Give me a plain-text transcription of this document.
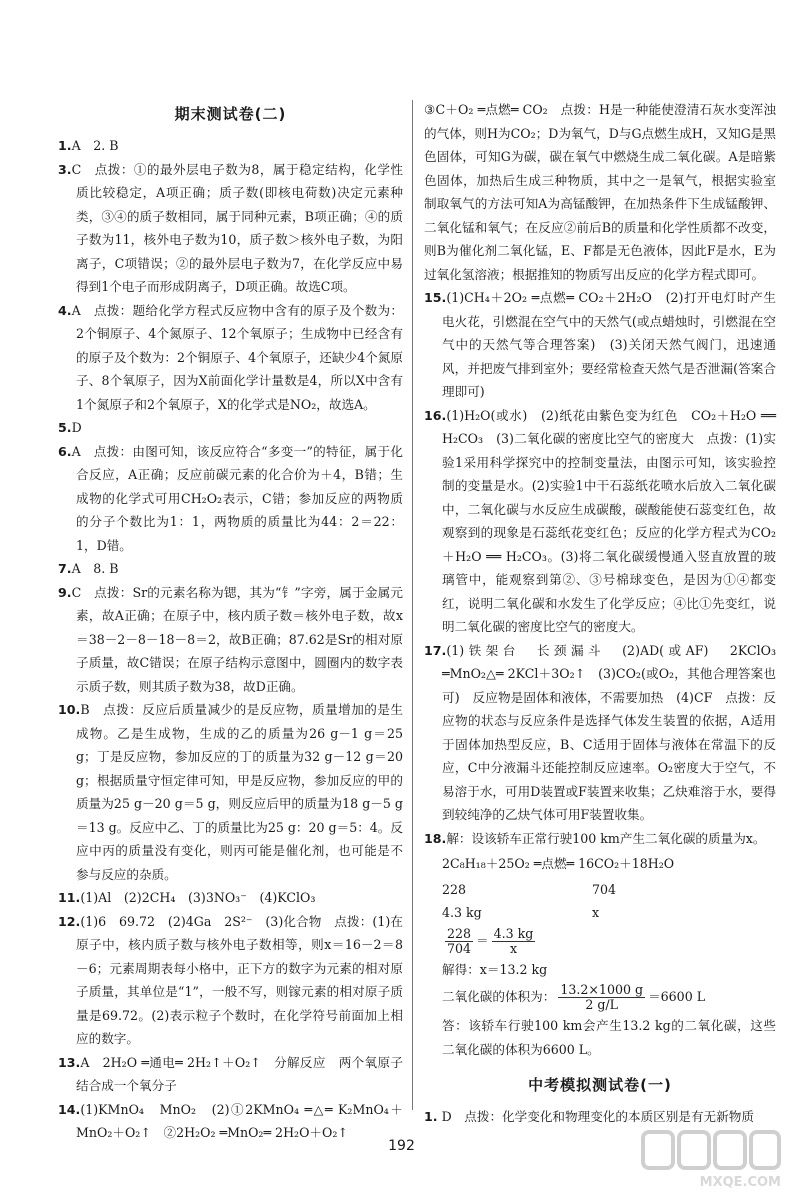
期末测试卷(二)

1.A　2. B

3.C　点拨：①的最外层电子数为8，属于稳定结构，化学性质比较稳定，A项正确；质子数(即核电荷数)决定元素种类，③④的质子数相同，属于同种元素，B项正确；④的质子数为11，核外电子数为10，质子数＞核外电子数，为阳离子，C项错误；②的最外层电子数为7，在化学反应中易得到1个电子而形成阴离子，D项正确。故选C项。

4.A　点拨：题给化学方程式反应物中含有的原子及个数为：2个铜原子、4个氮原子、12个氧原子；生成物中已经含有的原子及个数为：2个铜原子、4个氧原子，还缺少4个氮原子、8个氧原子，因为X前面化学计量数是4，所以X中含有1个氮原子和2个氧原子，X的化学式是NO₂，故选A。

5.D

6.A　点拨：由图可知，该反应符合“多变一”的特征，属于化合反应，A正确；反应前碳元素的化合价为＋4，B错；生成物的化学式可用CH₂O₂表示，C错；参加反应的两物质的分子个数比为1：1，两物质的质量比为44：2＝22：1，D错。

7.A　8. B

9.C　点拨：Sr的元素名称为锶，其为“钅”字旁，属于金属元素，故A正确；在原子中，核内质子数＝核外电子数，故x＝38－2－8－18－8＝2，故B正确；87.62是Sr的相对原子质量，故C错误；在原子结构示意图中，圆圈内的数字表示质子数，则其质子数为38，故D正确。

10.B　点拨：反应后质量减少的是反应物，质量增加的是生成物。乙是生成物，生成的乙的质量为26 g－1 g＝25 g；丁是反应物，参加反应的丁的质量为32 g－12 g＝20 g；根据质量守恒定律可知，甲是反应物，参加反应的甲的质量为25 g－20 g＝5 g，则反应后甲的质量为18 g－5 g＝13 g。反应中乙、丁的质量比为25 g：20 g＝5：4。反应中丙的质量没有变化，则丙可能是催化剂，也可能是不参与反应的杂质。

11.(1)Al　(2)2CH₄　(3)3NO₃⁻　(4)KClO₃

12.(1)6　69.72　(2)4Ga　2S²⁻　(3)化合物　点拨：(1)在原子中，核内质子数与核外电子数相等，则x＝16－2＝8－6；元素周期表每小格中，正下方的数字为元素的相对原子质量，其单位是“1”，一般不写，则镓元素的相对原子质量是69.72。(2)表示粒子个数时，在化学符号前面加上相应的数字。

13.A　2H₂O ═通电═ 2H₂↑＋O₂↑　分解反应　两个氧原子结合成一个氧分子

14.(1)KMnO₄　MnO₂　(2)①2KMnO₄ ═△═ K₂MnO₄＋MnO₂＋O₂↑　②2H₂O₂ ═MnO₂═ 2H₂O＋O₂↑

③C＋O₂ ═点燃═ CO₂　点拨：H是一种能使澄清石灰水变浑浊的气体，则H为CO₂；D为氧气，D与G点燃生成H，又知G是黑色固体，可知G为碳，碳在氧气中燃烧生成二氧化碳。A是暗紫色固体，加热后生成三种物质，其中之一是氧气，根据实验室制取氧气的方法可知A为高锰酸钾，在加热条件下生成锰酸钾、二氧化锰和氧气；在反应②前后B的质量和化学性质都不改变，则B为催化剂二氧化锰，E、F都是无色液体，因此F是水，E为过氧化氢溶液；根据推知的物质写出反应的化学方程式即可。

15.(1)CH₄＋2O₂ ═点燃═ CO₂＋2H₂O　(2)打开电灯时产生电火花，引燃混在空气中的天然气(或点蜡烛时，引燃混在空气中的天然气等合理答案)　(3)关闭天然气阀门，迅速通风，并把废气排到室外；要经常检查天然气是否泄漏(答案合理即可)

16.(1)H₂O(或水)　(2)纸花由紫色变为红色　CO₂＋H₂O ══ H₂CO₃　(3)二氧化碳的密度比空气的密度大　点拨：(1)实验1采用科学探究中的控制变量法，由图示可知，该实验控制的变量是水。(2)实验1中干石蕊纸花喷水后放入二氧化碳中，二氧化碳与水反应生成碳酸，碳酸能使石蕊变红色，故观察到的现象是石蕊纸花变红色；反应的化学方程式为CO₂＋H₂O ══ H₂CO₃。(3)将二氧化碳缓慢通入竖直放置的玻璃管中，能观察到第②、③号棉球变色，是因为①④都变红，说明二氧化碳和水发生了化学反应；④比①先变红，说明二氧化碳的密度比空气的密度大。

17.(1)铁架台　长颈漏斗　(2)AD(或AF)　2KClO₃ ═MnO₂△═ 2KCl＋3O₂↑　(3)CO₂(或O₂，其他合理答案也可)　反应物是固体和液体，不需要加热　(4)CF　点拨：反应物的状态与反应条件是选择气体发生装置的依据，A适用于固体加热型反应，B、C适用于固体与液体在常温下的反应，C中分液漏斗还能控制反应速率。O₂密度大于空气，不易溶于水，可用D装置或F装置来收集；乙炔难溶于水，要得到较纯净的乙炔气体可用F装置收集。

18.解：设该轿车正常行驶100 km产生二氧化碳的质量为x。

2C₈H₁₈＋25O₂ ═点燃═ 16CO₂＋18H₂O
228	704
4.3 kg	x
$\frac{228}{704} = \frac{4.3 kg}{x}$
解得：x＝13.2 kg
二氧化碳的体积为： $\frac{13.2\times 1000 g}{2 g/L} =6600$ L

答：该轿车行驶100 km会产生13.2 kg的二氧化碳，这些二氧化碳的体积为6600 L。

中考模拟测试卷(一)

1. D　点拨：化学变化和物理变化的本质区别是有无新物质

192
MXQE.COM
